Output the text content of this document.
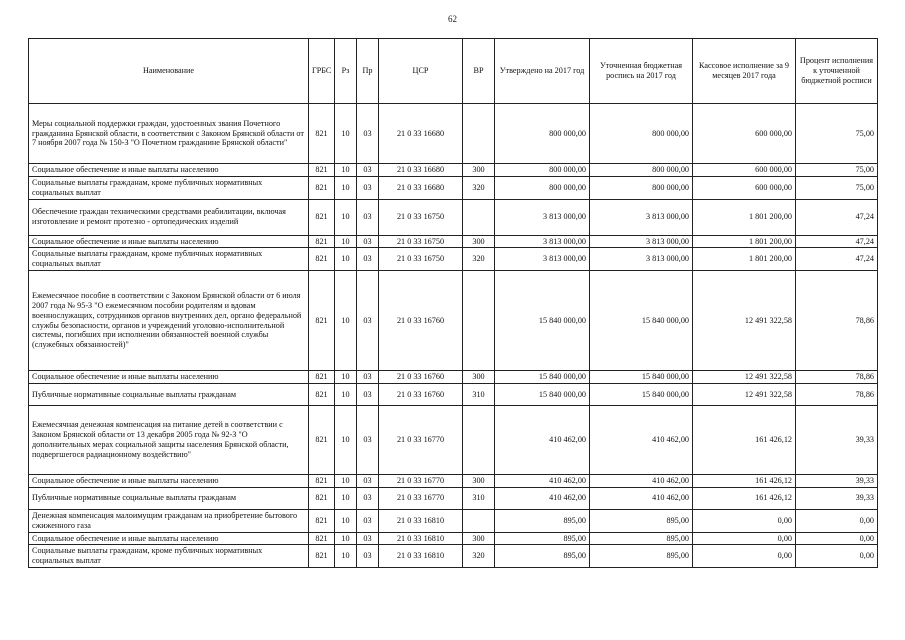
62
Наименование	ГРБС	Рз	Пр	ЦСР	ВР	Утверждено на 2017 год	Уточненная бюджетная роспись на 2017 год	Кассовое исполнение за 9 месяцев 2017 года	Процент исполнения к уточненной бюджетной росписи
Меры социальной поддержки граждан, удостоенных звания Почетного гражданина Брянской области, в соответствии с Законом Брянской области от 7 ноября 2007 года № 150-З "О Почетном гражданине Брянской области"	821	10	03	21 0 33 16680		800 000,00	800 000,00	600 000,00	75,00
Социальное обеспечение и иные выплаты населению	821	10	03	21 0 33 16680	300	800 000,00	800 000,00	600 000,00	75,00
Социальные выплаты гражданам, кроме публичных нормативных социальных выплат	821	10	03	21 0 33 16680	320	800 000,00	800 000,00	600 000,00	75,00
Обеспечение граждан техническими средствами реабилитации, включая изготовление и ремонт протезно - ортопедических изделий	821	10	03	21 0 33 16750		3 813 000,00	3 813 000,00	1 801 200,00	47,24
Социальное обеспечение и иные выплаты населению	821	10	03	21 0 33 16750	300	3 813 000,00	3 813 000,00	1 801 200,00	47,24
Социальные выплаты гражданам, кроме публичных нормативных социальных выплат	821	10	03	21 0 33 16750	320	3 813 000,00	3 813 000,00	1 801 200,00	47,24
Ежемесячное пособие в соответствии с Законом Брянской области от 6 июля 2007 года № 95-З "О ежемесячном пособии родителям и вдовам военнослужащих, сотрудников органов внутренних дел, органо федеральной службы безопасности, органов и учреждений уголовно-исполнительной системы, погибших при исполнении обязанностей военной службы (служебных обязанностей)"	821	10	03	21 0 33 16760		15 840 000,00	15 840 000,00	12 491 322,58	78,86
Социальное обеспечение и иные выплаты населению	821	10	03	21 0 33 16760	300	15 840 000,00	15 840 000,00	12 491 322,58	78,86
Публичные нормативные социальные выплаты гражданам	821	10	03	21 0 33 16760	310	15 840 000,00	15 840 000,00	12 491 322,58	78,86
Ежемесячная денежная компенсация на питание детей в соответствии с Законом Брянской области от 13 декабря 2005 года № 92-З "О дополнительных мерах социальной защиты населения Брянской области, подвергшегося радиационному воздействию"	821	10	03	21 0 33 16770		410 462,00	410 462,00	161 426,12	39,33
Социальное обеспечение и иные выплаты населению	821	10	03	21 0 33 16770	300	410 462,00	410 462,00	161 426,12	39,33
Публичные нормативные социальные выплаты гражданам	821	10	03	21 0 33 16770	310	410 462,00	410 462,00	161 426,12	39,33
Денежная компенсация малоимущим гражданам на приобретение бытового сжиженного газа	821	10	03	21 0 33 16810		895,00	895,00	0,00	0,00
Социальное обеспечение и иные выплаты населению	821	10	03	21 0 33 16810	300	895,00	895,00	0,00	0,00
Социальные выплаты гражданам, кроме публичных нормативных социальных выплат	821	10	03	21 0 33 16810	320	895,00	895,00	0,00	0,00
